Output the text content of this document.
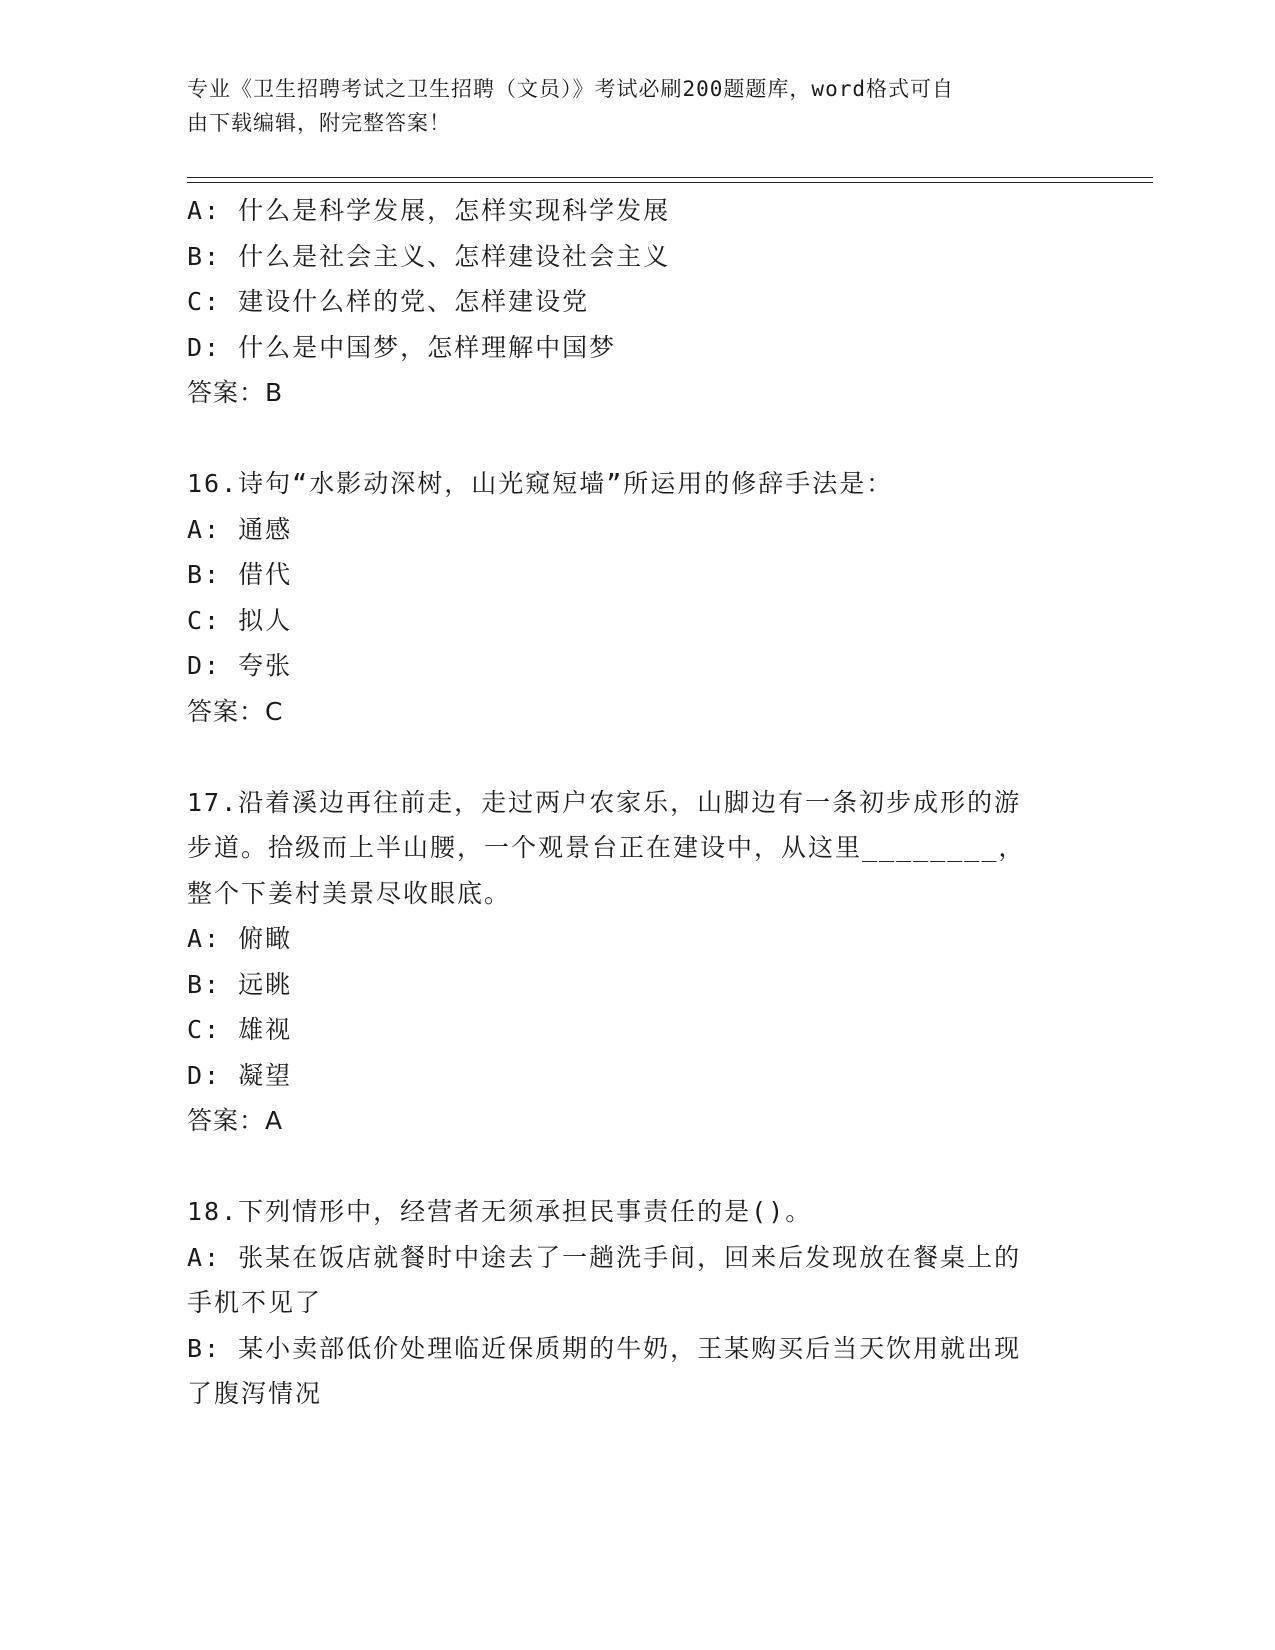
专业《卫生招聘考试之卫生招聘（文员）》考试必刷200题题库，word格式可自
由下载编辑，附完整答案！
A: 什么是科学发展，怎样实现科学发展
B: 什么是社会主义、怎样建设社会主义
C: 建设什么样的党、怎样建设党
D: 什么是中国梦，怎样理解中国梦
答案：B
16.诗句“水影动深树，山光窥短墙”所运用的修辞手法是：
A: 通感
B: 借代
C: 拟人
D: 夸张
答案：C
17.沿着溪边再往前走，走过两户农家乐，山脚边有一条初步成形的游
步道。拾级而上半山腰，一个观景台正在建设中，从这里________，
整个下姜村美景尽收眼底。
A: 俯瞰
B: 远眺
C: 雄视
D: 凝望
答案：A
18.下列情形中，经营者无须承担民事责任的是()。
A: 张某在饭店就餐时中途去了一趟洗手间，回来后发现放在餐桌上的
手机不见了
B: 某小卖部低价处理临近保质期的牛奶，王某购买后当天饮用就出现
了腹泻情况
